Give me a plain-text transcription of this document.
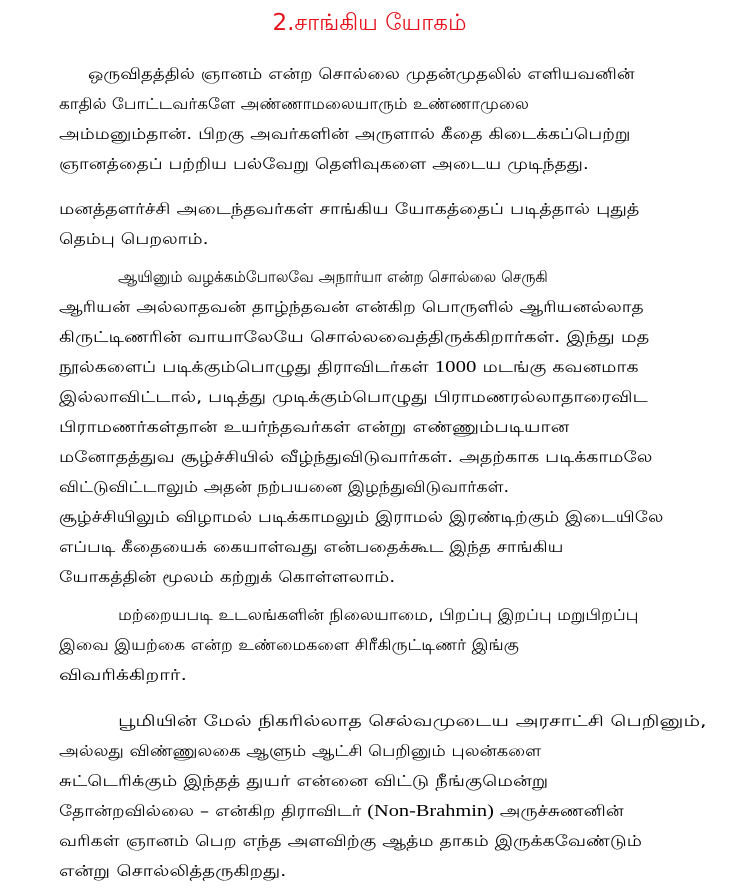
2.சாங்கிய யோகம்
ஒருவிதத்தில் ஞானம் என்ற சொல்லை முதன்முதலில் எளியவனின்
காதில் போட்டவர்களே அண்ணாமலையாரும் உண்ணாமுலை
அம்மனும்தான். பிறகு அவர்களின் அருளால் கீதை கிடைக்கப்பெற்று
ஞானத்தைப் பற்றிய பல்வேறு தெளிவுகளை அடைய முடிந்தது.
மனத்தளர்ச்சி அடைந்தவர்கள் சாங்கிய யோகத்தைப் படித்தால் புதுத்
தெம்பு பெறலாம்.
ஆயினும் வழக்கம்போலவே அநார்யா என்ற சொல்லை செருகி
ஆரியன் அல்லாதவன் தாழ்ந்தவன் என்கிற பொருளில் ஆரியனல்லாத
கிருட்டிணரின் வாயாலேயே சொல்லவைத்திருக்கிறார்கள். இந்து மத
நூல்களைப் படிக்கும்பொழுது திராவிடர்கள் 1000 மடங்கு கவனமாக
இல்லாவிட்டால், படித்து முடிக்கும்பொழுது பிராமணரல்லாதாரைவிட
பிராமணர்கள்தான் உயர்ந்தவர்கள் என்று எண்ணும்படியான
மனோதத்துவ சூழ்ச்சியில் வீழ்ந்துவிடுவார்கள். அதற்காக படிக்காமலே
விட்டுவிட்டாலும் அதன் நற்பயனை இழந்துவிடுவார்கள்.
சூழ்ச்சியிலும் விழாமல் படிக்காமலும் இராமல் இரண்டிற்கும் இடையிலே
எப்படி கீதையைக் கையாள்வது என்பதைக்கூட இந்த சாங்கிய
யோகத்தின் மூலம் கற்றுக் கொள்ளலாம்.
மற்றையபடி உடலங்களின் நிலையாமை, பிறப்பு இறப்பு மறுபிறப்பு
இவை இயற்கை என்ற உண்மைகளை சிரீகிருட்டிணர் இங்கு
விவரிக்கிறார்.
பூமியின் மேல் நிகரில்லாத செல்வமுடைய அரசாட்சி பெறினும்,
அல்லது விண்ணுலகை ஆளும் ஆட்சி பெறினும் புலன்களை
சுட்டெரிக்கும் இந்தத் துயர் என்னை விட்டு நீங்குமென்று
தோன்றவில்லை – என்கிற திராவிடர் (Non-Brahmin) அருச்சுணனின்
வரிகள் ஞானம் பெற எந்த அளவிற்கு ஆத்ம தாகம் இருக்கவேண்டும்
என்று சொல்லித்தருகிறது.
